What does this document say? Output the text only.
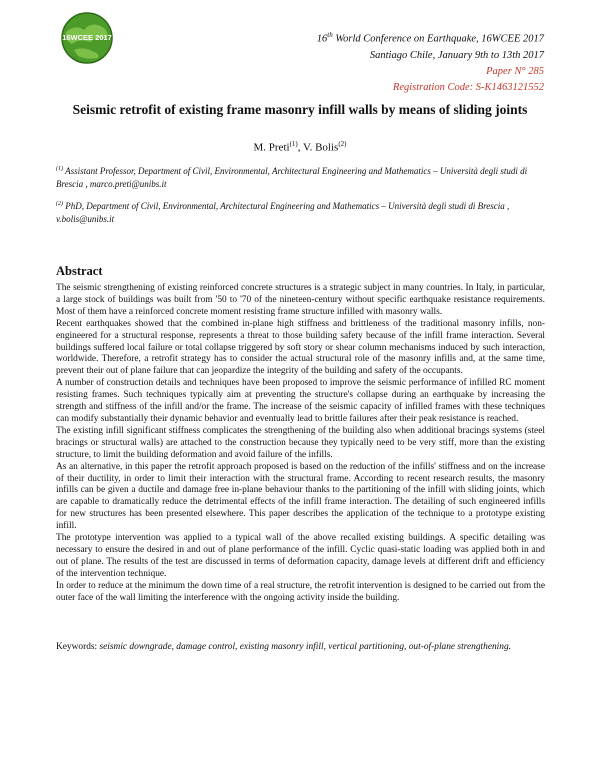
16WCEE 2017	16th World Conference on Earthquake, 16WCEE 2017
Santiago Chile, January 9th to 13th 2017
Paper N° 285
Registration Code: S-K1463121552
Seismic retrofit of existing frame masonry infill walls by means of sliding joints
M. Preti$^{(1)}$, V. Bolis$^{(2)}$
$^{(1)}$ Assistant Professor, Department of Civil, Environmental, Architectural Engineering and Mathematics – Università degli studi di Brescia , marco.preti@unibs.it
$^{(2)}$ PhD, Department of Civil, Environmental, Architectural Engineering and Mathematics – Università degli studi di Brescia , v.bolis@unibs.it
Abstract

The seismic strengthening of existing reinforced concrete structures is a strategic subject in many countries. In Italy, in particular, a large stock of buildings was built from '50 to '70 of the nineteen-century without specific earthquake resistance requirements. Most of them have a reinforced concrete moment resisting frame structure infilled with masonry walls.

Recent earthquakes showed that the combined in-plane high stiffness and brittleness of the traditional masonry infills, non-engineered for a structural response, represents a threat to those building safety because of the infill frame interaction. Several buildings suffered local failure or total collapse triggered by soft story or shear column mechanisms induced by such interaction, worldwide. Therefore, a retrofit strategy has to consider the actual structural role of the masonry infills and, at the same time, prevent their out of plane failure that can jeopardize the integrity of the building and safety of the occupants.

A number of construction details and techniques have been proposed to improve the seismic performance of infilled RC moment resisting frames. Such techniques typically aim at preventing the structure's collapse during an earthquake by increasing the strength and stiffness of the infill and/or the frame. The increase of the seismic capacity of infilled frames with these techniques can modify substantially their dynamic behavior and eventually lead to brittle failures after their peak resistance is reached.

The existing infill significant stiffness complicates the strengthening of the building also when additional bracings systems (steel bracings or structural walls) are attached to the construction because they typically need to be very stiff, more than the existing structure, to limit the building deformation and avoid failure of the infills.

As an alternative, in this paper the retrofit approach proposed is based on the reduction of the infills' stiffness and on the increase of their ductility, in order to limit their interaction with the structural frame. According to recent research results, the masonry infills can be given a ductile and damage free in-plane behaviour thanks to the partitioning of the infill with sliding joints, which are capable to dramatically reduce the detrimental effects of the infill frame interaction. The detailing of such engineered infills for new structures has been presented elsewhere. This paper describes the application of the technique to a prototype existing infill.

The prototype intervention was applied to a typical wall of the above recalled existing buildings. A specific detailing was necessary to ensure the desired in and out of plane performance of the infill. Cyclic quasi-static loading was applied both in and out of plane. The results of the test are discussed in terms of deformation capacity, damage levels at different drift and efficiency of the intervention technique.

In order to reduce at the minimum the down time of a real structure, the retrofit intervention is designed to be carried out from the outer face of the wall limiting the interference with the ongoing activity inside the building.

Keywords: seismic downgrade, damage control, existing masonry infill, vertical partitioning, out-of-plane strengthening.
